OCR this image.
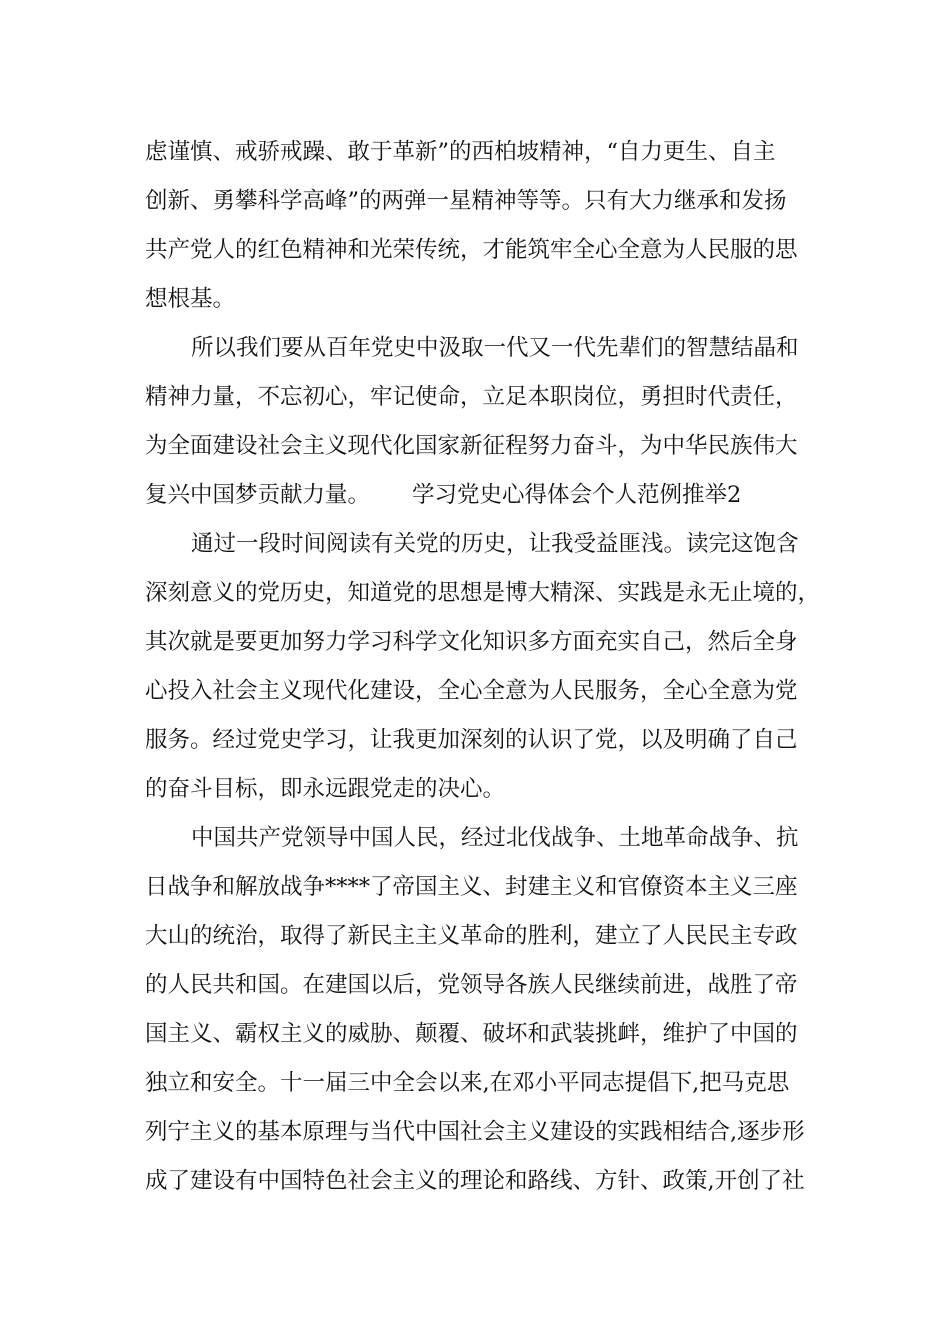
虑谨慎、戒骄戒躁、敢于革新”的西柏坡精神，“自力更生、自主
创新、勇攀科学高峰”的两弹一星精神等等。只有大力继承和发扬
共产党人的红色精神和光荣传统，才能筑牢全心全意为人民服的思
想根基。
所以我们要从百年党史中汲取一代又一代先辈们的智慧结晶和
精神力量，不忘初心，牢记使命，立足本职岗位，勇担时代责任，
为全面建设社会主义现代化国家新征程努力奋斗，为中华民族伟大
复兴中国梦贡献力量。 学习党史心得体会个人范例推举2
通过一段时间阅读有关党的历史，让我受益匪浅。读完这饱含
深刻意义的党历史，知道党的思想是博大精深、实践是永无止境的，
其次就是要更加努力学习科学文化知识多方面充实自己，然后全身
心投入社会主义现代化建设，全心全意为人民服务，全心全意为党
服务。经过党史学习，让我更加深刻的认识了党，以及明确了自己
的奋斗目标，即永远跟党走的决心。
中国共产党领导中国人民，经过北伐战争、土地革命战争、抗
日战争和解放战争****了帝国主义、封建主义和官僚资本主义三座
大山的统治，取得了新民主主义革命的胜利，建立了人民民主专政
的人民共和国。在建国以后，党领导各族人民继续前进，战胜了帝
国主义、霸权主义的威胁、颠覆、破坏和武装挑衅，维护了中国的
独立和安全。十一届三中全会以来,在邓小平同志提倡下,把马克思
列宁主义的基本原理与当代中国社会主义建设的实践相结合,逐步形
成了建设有中国特色社会主义的理论和路线、方针、政策,开创了社
